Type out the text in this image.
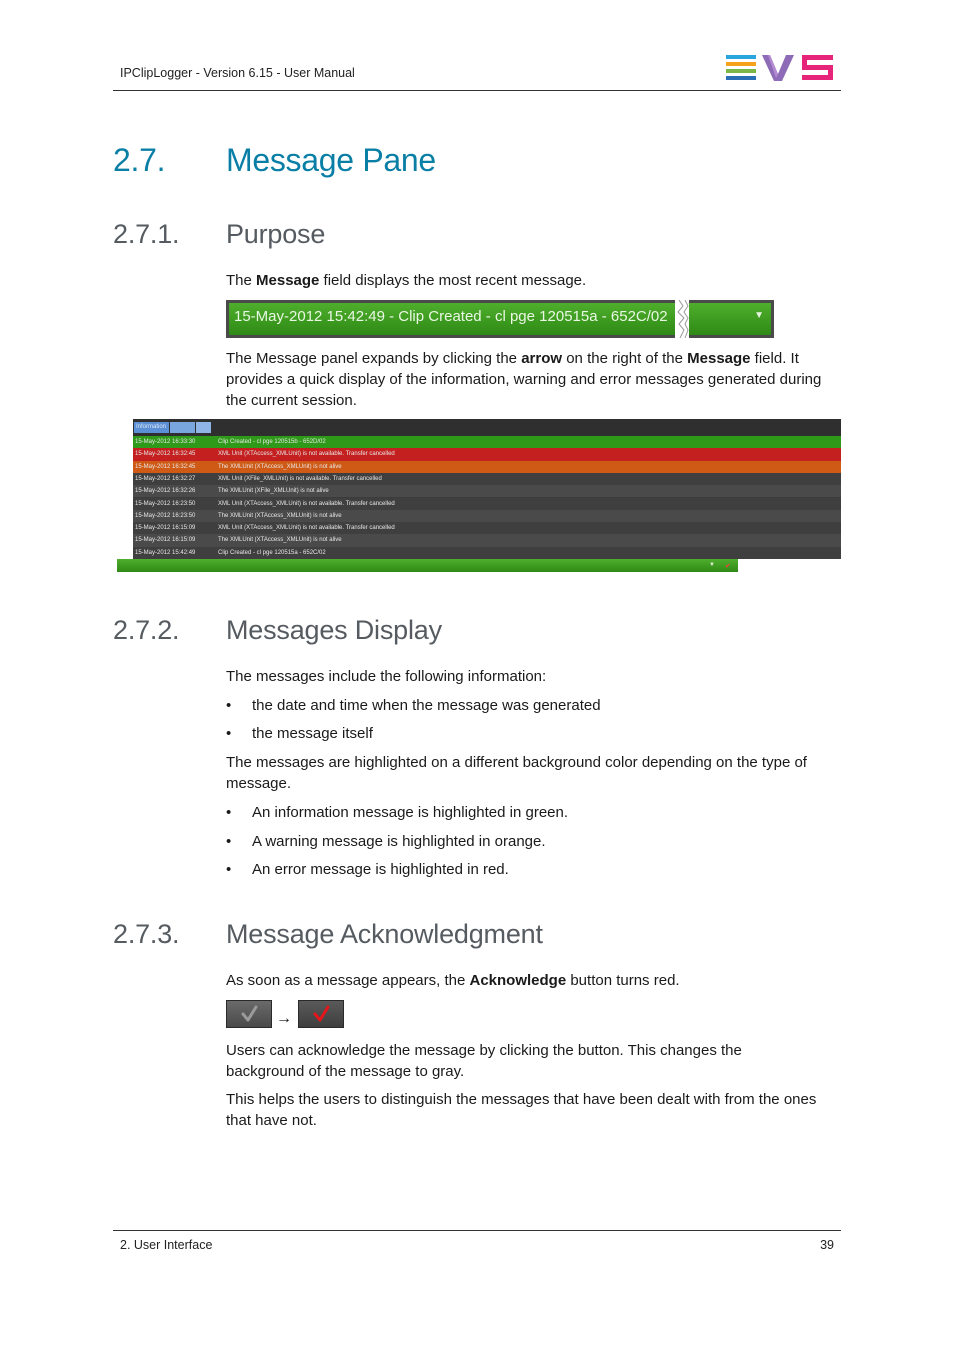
IPClipLogger - Version 6.15 - User Manual
2.7. Message Pane
2.7.1. Purpose
The Message field displays the most recent message.
15-May-2012 15:42:49 - Clip Created - cl pge 120515a - 652C/02	▼
The Message panel expands by clicking the arrow on the right of the Message field. It
provides a quick display of the information, warning and error messages generated during
the current session.
Information
15-May-2012 16:33:30	Clip Created - cl pge 120515b - 652D/02
15-May-2012 16:32:45	XML Unit (XTAccess_XMLUnit) is not available. Transfer cancelled
15-May-2012 16:32:45	The XMLUnit (XTAccess_XMLUnit) is not alive
15-May-2012 16:32:27	XML Unit (XFile_XMLUnit) is not available. Transfer cancelled
15-May-2012 16:32:26	The XMLUnit (XFile_XMLUnit) is not alive
15-May-2012 16:23:50	XML Unit (XTAccess_XMLUnit) is not available. Transfer cancelled
15-May-2012 16:23:50	The XMLUnit (XTAccess_XMLUnit) is not alive
15-May-2012 16:15:09	XML Unit (XTAccess_XMLUnit) is not available. Transfer cancelled
15-May-2012 16:15:09	The XMLUnit (XTAccess_XMLUnit) is not alive
15-May-2012 15:42:49	Clip Created - cl pge 120515a - 652C/02
▼ ✔
2.7.2. Messages Display
The messages include the following information:
• the date and time when the message was generated
• the message itself
The messages are highlighted on a different background color depending on the type of
message.
• An information message is highlighted in green.
• A warning message is highlighted in orange.
• An error message is highlighted in red.
2.7.3. Message Acknowledgment
As soon as a message appears, the Acknowledge button turns red.
→
Users can acknowledge the message by clicking the button. This changes the
background of the message to gray.
This helps the users to distinguish the messages that have been dealt with from the ones
that have not.
2. User Interface	39
